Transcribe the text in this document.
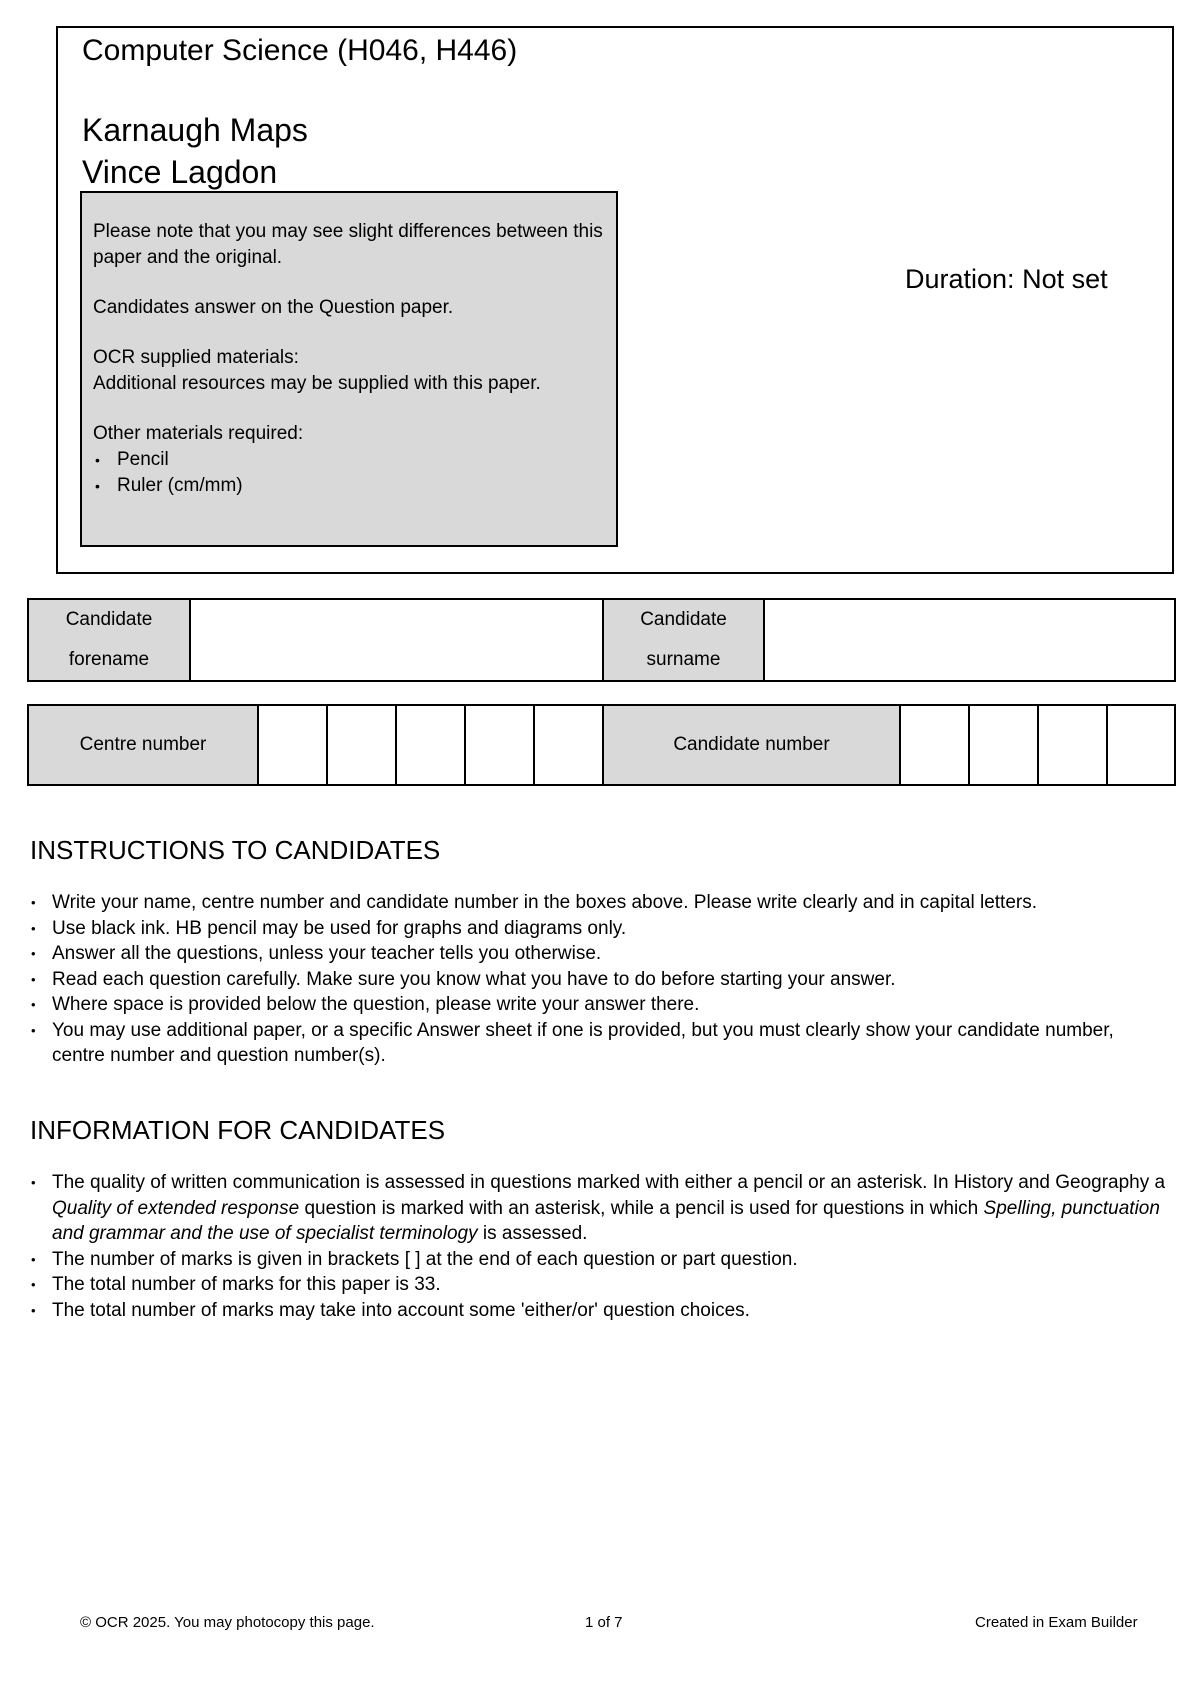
Computer Science (H046, H446)
Karnaugh Maps
Vince Lagdon

Please note that you may see slight differences between this paper and the original.

Candidates answer on the Question paper.

OCR supplied materials:

Additional resources may be supplied with this paper.

Other materials required:

• Pencil
• Ruler (cm/mm)
Duration: Not set
Candidate forename		Candidate surname	
Centre number						Candidate number				
INSTRUCTIONS TO CANDIDATES
• Write your name, centre number and candidate number in the boxes above. Please write clearly and in capital letters.
• Use black ink. HB pencil may be used for graphs and diagrams only.
• Answer all the questions, unless your teacher tells you otherwise.
• Read each question carefully. Make sure you know what you have to do before starting your answer.
• Where space is provided below the question, please write your answer there.
• You may use additional paper, or a specific Answer sheet if one is provided, but you must clearly show your candidate number, centre number and question number(s).
INFORMATION FOR CANDIDATES
• The quality of written communication is assessed in questions marked with either a pencil or an asterisk. In History and Geography a Quality of extended response question is marked with an asterisk, while a pencil is used for questions in which Spelling, punctuation and grammar and the use of specialist terminology is assessed.
• The number of marks is given in brackets [ ] at the end of each question or part question.
• The total number of marks for this paper is 33.
• The total number of marks may take into account some 'either/or' question choices.
© OCR 2025. You may photocopy this page.	1 of 7	Created in Exam Builder
